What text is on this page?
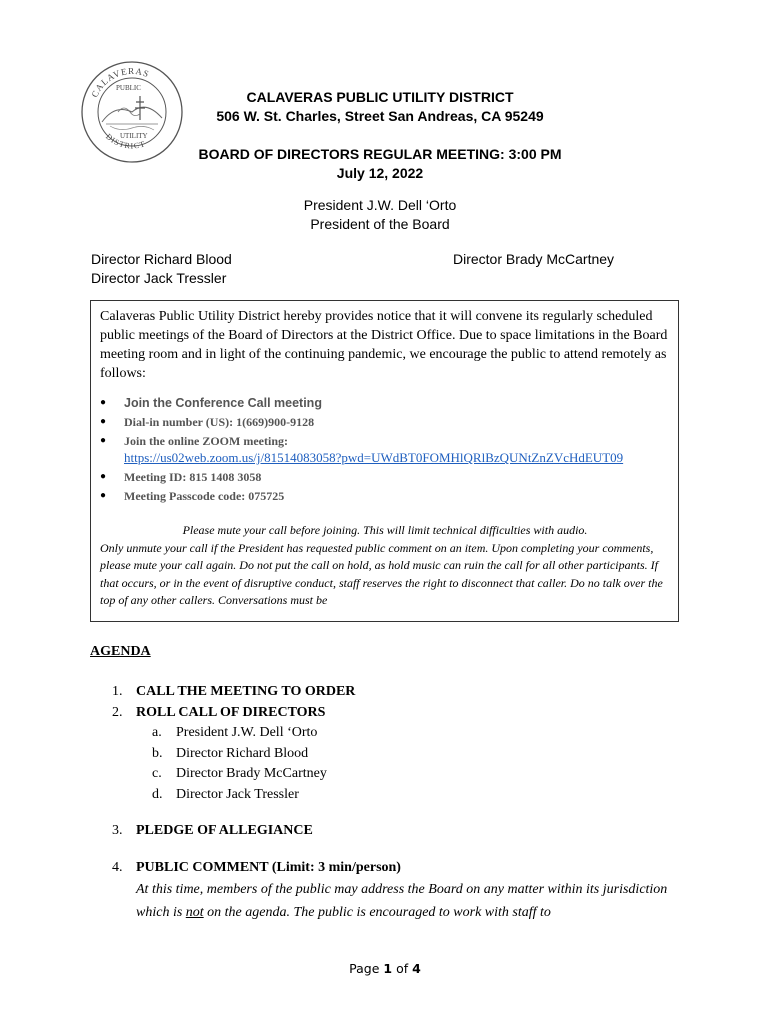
CALAVERAS
DISTRICT
PUBLIC
UTILITY
CALAVERAS PUBLIC UTILITY DISTRICT
506 W. St. Charles, Street San Andreas, CA 95249
BOARD OF DIRECTORS REGULAR MEETING: 3:00 PM
July 12, 2022
President J.W. Dell ‘Orto
President of the Board
Director Richard Blood
Director Jack Tressler
Director Brady McCartney

Calaveras Public Utility District hereby provides notice that it will convene its regularly scheduled public meetings of the Board of Directors at the District Office. Due to space limitations in the Board meeting room and in light of the continuing pandemic, we encourage the public to attend remotely as follows:

● Join the Conference Call meeting
● Dial-in number (US): 1(669)900-9128
● Join the online ZOOM meeting:
https://us02web.zoom.us/j/81514083058?pwd=UWdBT0FOMHlQRlBzQUNtZnZVcHdEUT09
● Meeting ID: 815 1408 3058
● Meeting Passcode code: 075725
Please mute your call before joining. This will limit technical difficulties with audio.
Only unmute your call if the President has requested public comment on an item. Upon completing your comments, please mute your call again. Do not put the call on hold, as hold music can ruin the call for all other participants. If that occurs, or in the event of disruptive conduct, staff reserves the right to disconnect that caller. Do no talk over the top of any other callers. Conversations must be
AGENDA
1. CALL THE MEETING TO ORDER
2. ROLL CALL OF DIRECTORS
a.	President J.W. Dell ‘Orto
b. Director Richard Blood
c.	Director Brady McCartney
d. Director Jack Tressler
3. PLEDGE OF ALLEGIANCE
4. PUBLIC COMMENT (Limit: 3 min/person)
At this time, members of the public may address the Board on any matter within its jurisdiction which is not on the agenda. The public is encouraged to work with staff to
Page 1 of 4
